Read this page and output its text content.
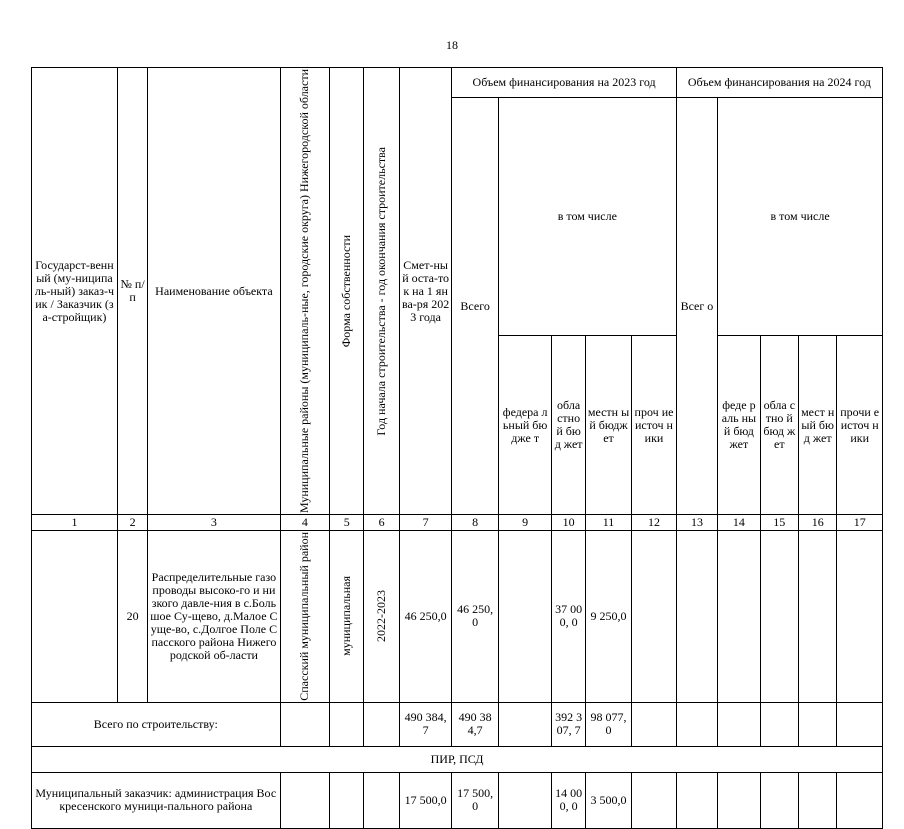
18
Государст-венный (му-ниципаль-ный) заказ-чик / Заказчик (за-стройщик)	№ п/п	Наименование объекта	Муниципальные районы (муниципаль-ные, городские округа) Нижегородской области	Форма собственности	Год начала строительства - год окончания строительства	Смет-ный оста-ток на 1 янва-ря 2023 года	Объем финансирования на 2023 год					Объем финансирования на 2024 год				
							Всего	в том числе				Всег о	в том числе			
								федера льный бюдже т	обла стно й бюд жет	местн ый бюдж ет	проч ие источ ники		феде раль ный бюд жет	обла стно й бюд жет	мест ный бюд жет	прочи е источ ники
1	2	3	4	5	6	7	8	9	10	11	12	13	14	15	16	17
	20	Распределительные газопроводы высоко-го и низкого давле-ния в с.Большое Су-щево, д.Малое Суще-во, с.Долгое Поле Спасского района Нижегородской об-ласти	Спасский муниципальный район	муниципальная	2022-2023	46 250,0	46 250,0		37 000, 0	9 250,0						
Всего по строительству:						490 384,7	490 384,7		392 307, 7	98 077,0						
ПИР, ПСД																
Муниципальный заказчик: администрация Воскресенского муници-пального района						17 500,0	17 500,0		14 000, 0	3 500,0						
